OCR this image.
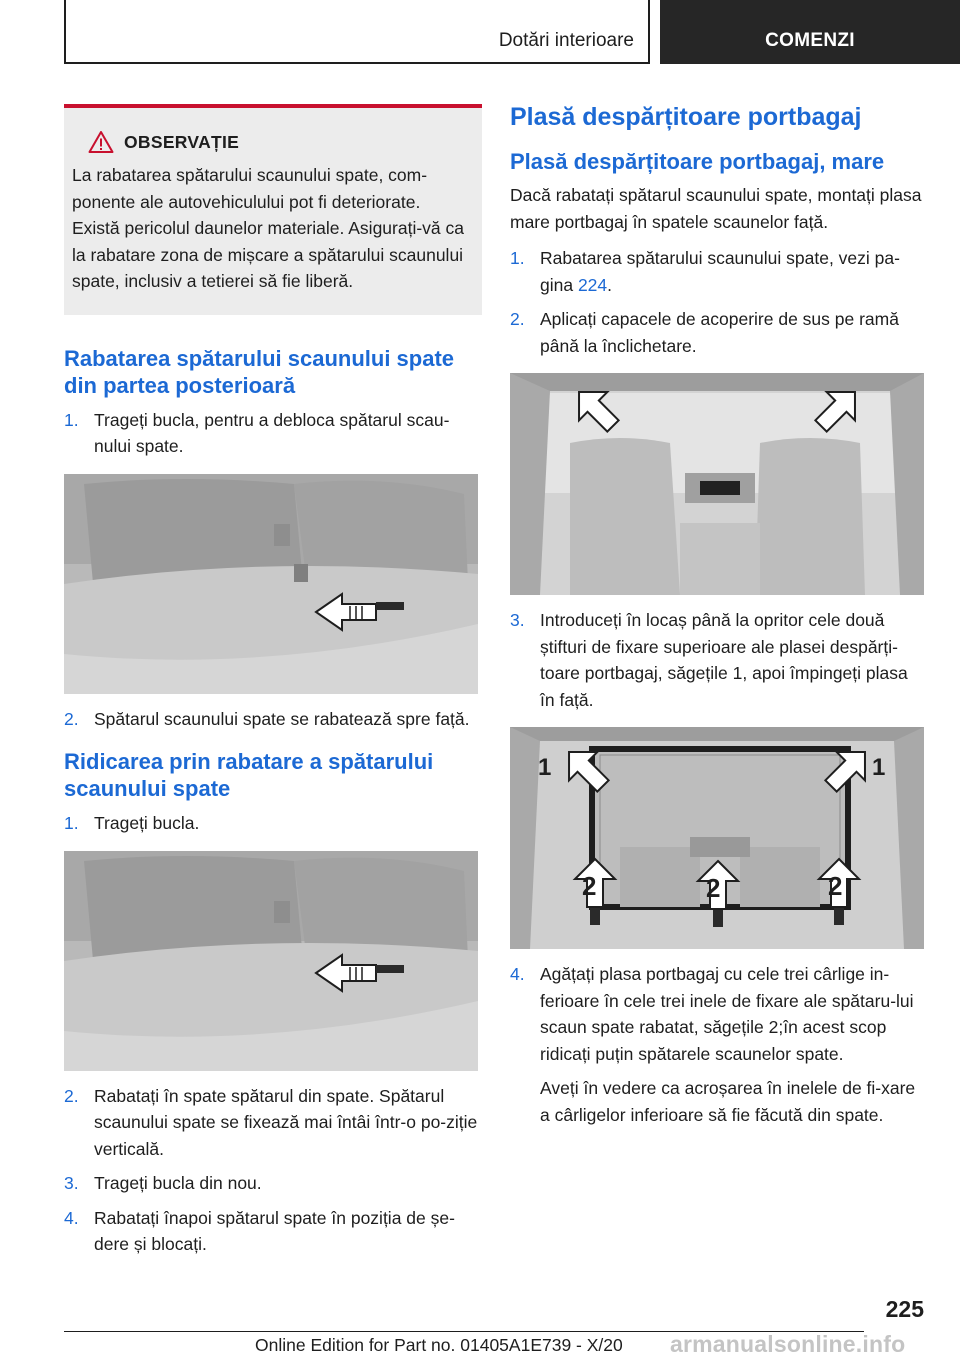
Dotări interioare	COMENZI
OBSERVAȚIE

La rabatarea spătarului scaunului spate, com-ponente ale autovehiculului pot fi deteriorate. Există pericolul daunelor materiale. Asigurați-vă ca la rabatare zona de mișcare a spătarului scaunului spate, inclusiv a tetierei să fie liberă.

Rabatarea spătarului scaunului spate din partea posterioară
1. Trageți bucla, pentru a debloca spătarul scau-nului spate.
2. Spătarul scaunului spate se rabatează spre față.
Ridicarea prin rabatare a spătarului scaunului spate
1. Trageți bucla.
2. Rabatați în spate spătarul din spate. Spătarul scaunului spate se fixează mai întâi într-o po-ziție verticală.
3. Trageți bucla din nou.
4. Rabatați înapoi spătarul spate în poziția de șe-dere și blocați.
Plasă despărțitoare portbagaj
Plasă despărțitoare portbagaj, mare

Dacă rabatați spătarul scaunului spate, montați plasa mare portbagaj în spatele scaunelor față.

1. Rabatarea spătarului scaunului spate, vezi pa-gina 224.
2. Aplicați capacele de acoperire de sus pe ramă până la înclichetare.
3. Introduceți în locaș până la opritor cele două știfturi de fixare superioare ale plasei despărți-toare portbagaj, săgețile 1, apoi împingeți plasa în față.
1	1
2	2	2
4. Agățați plasa portbagaj cu cele trei cârlige in-ferioare în cele trei inele de fixare ale spătaru-lui scaun spate rabatat, săgețile 2;în acest scop ridicați puțin spătarele scaunelor spate.

Aveți în vedere ca acroșarea în inelele de fi-xare a cârligelor inferioare să fie făcută din spate.

225
Online Edition for Part no. 01405A1E739 - X/20 armanualsonline.info
